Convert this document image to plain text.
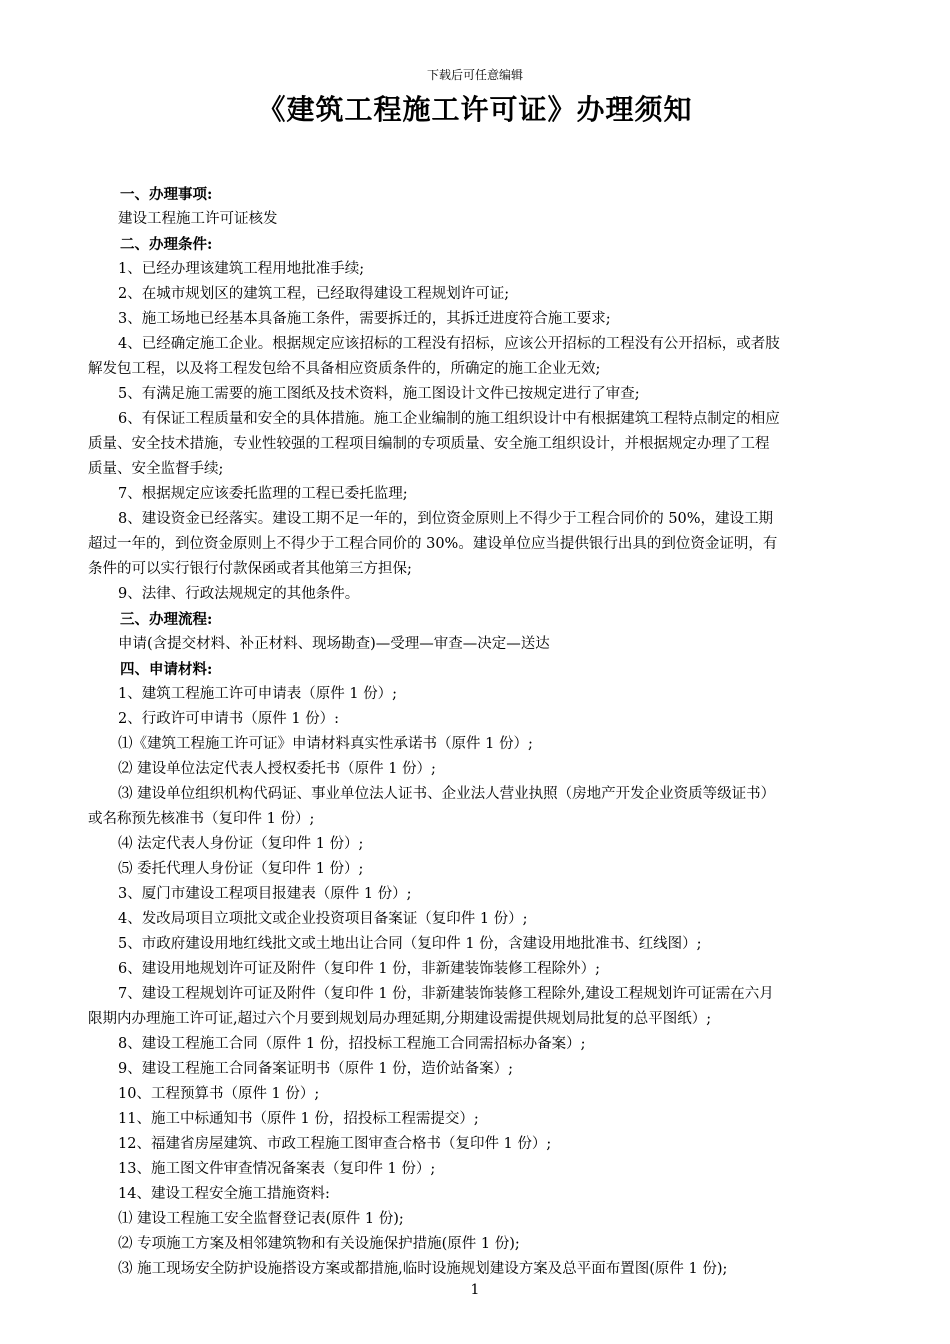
下载后可任意编辑
《建筑工程施工许可证》办理须知
一、办理事项:
建设工程施工许可证核发
二、办理条件:
1、已经办理该建筑工程用地批准手续;
2、在城市规划区的建筑工程，已经取得建设工程规划许可证;
3、施工场地已经基本具备施工条件，需要拆迁的，其拆迁进度符合施工要求;
4、已经确定施工企业。根据规定应该招标的工程没有招标，应该公开招标的工程没有公开招标，或者肢
解发包工程，以及将工程发包给不具备相应资质条件的，所确定的施工企业无效;
5、有满足施工需要的施工图纸及技术资料，施工图设计文件已按规定进行了审查;
6、有保证工程质量和安全的具体措施。施工企业编制的施工组织设计中有根据建筑工程特点制定的相应
质量、安全技术措施，专业性较强的工程项目编制的专项质量、安全施工组织设计，并根据规定办理了工程
质量、安全监督手续;
7、根据规定应该委托监理的工程已委托监理;
8、建设资金已经落实。建设工期不足一年的，到位资金原则上不得少于工程合同价的 50%，建设工期
超过一年的，到位资金原则上不得少于工程合同价的 30%。建设单位应当提供银行出具的到位资金证明，有
条件的可以实行银行付款保函或者其他第三方担保;
9、法律、行政法规规定的其他条件。
三、办理流程:
申请(含提交材料、补正材料、现场勘查)—受理—审查—决定—送达
四、申请材料:
1、建筑工程施工许可申请表（原件 1 份）;
2、行政许可申请书（原件 1 份）:
⑴《建筑工程施工许可证》申请材料真实性承诺书（原件 1 份）;
⑵ 建设单位法定代表人授权委托书（原件 1 份）;
⑶ 建设单位组织机构代码证、事业单位法人证书、企业法人营业执照（房地产开发企业资质等级证书）
或名称预先核准书（复印件 1 份）;
⑷ 法定代表人身份证（复印件 1 份）;
⑸ 委托代理人身份证（复印件 1 份）;
3、厦门市建设工程项目报建表（原件 1 份）;
4、发改局项目立项批文或企业投资项目备案证（复印件 1 份）;
5、市政府建设用地红线批文或土地出让合同（复印件 1 份，含建设用地批准书、红线图）;
6、建设用地规划许可证及附件（复印件 1 份，非新建装饰装修工程除外）;
7、建设工程规划许可证及附件（复印件 1 份，非新建装饰装修工程除外,建设工程规划许可证需在六月
限期内办理施工许可证,超过六个月要到规划局办理延期,分期建设需提供规划局批复的总平图纸）;
8、建设工程施工合同（原件 1 份，招投标工程施工合同需招标办备案）;
9、建设工程施工合同备案证明书（原件 1 份，造价站备案）;
10、工程预算书（原件 1 份）;
11、施工中标通知书（原件 1 份，招投标工程需提交）;
12、福建省房屋建筑、市政工程施工图审查合格书（复印件 1 份）;
13、施工图文件审查情况备案表（复印件 1 份）;
14、建设工程安全施工措施资料:
⑴ 建设工程施工安全监督登记表(原件 1 份);
⑵ 专项施工方案及相邻建筑物和有关设施保护措施(原件 1 份);
⑶ 施工现场安全防护设施搭设方案或都措施,临时设施规划建设方案及总平面布置图(原件 1 份);
1
